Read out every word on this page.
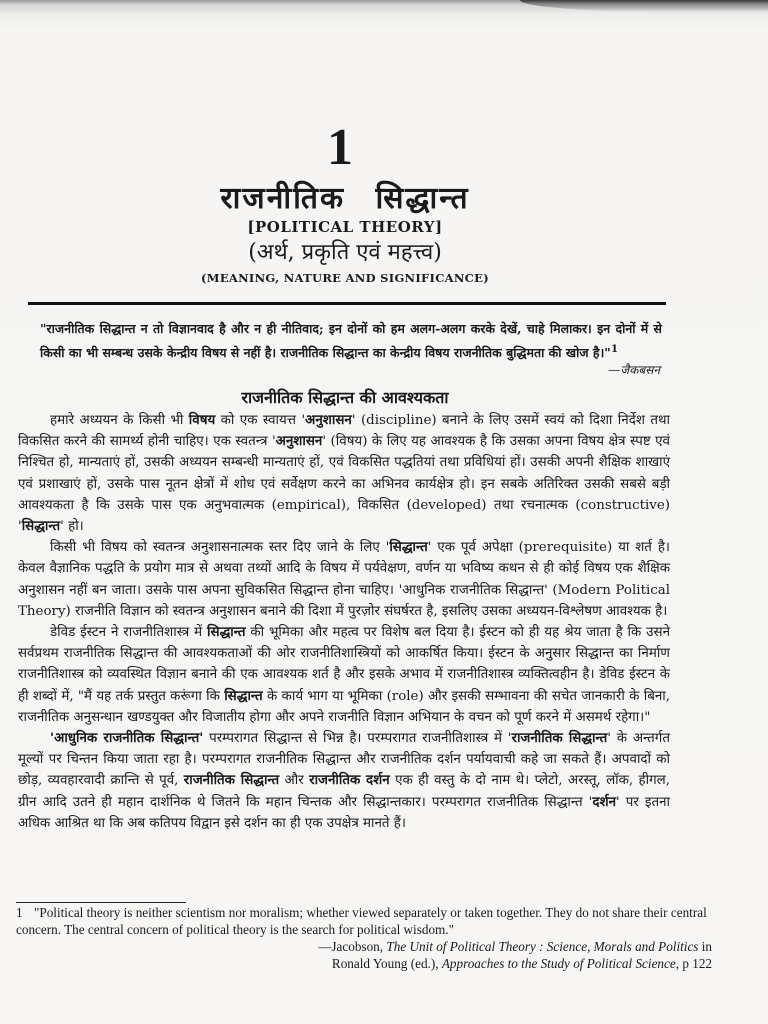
1
राजनीतिक सिद्धान्त
[POLITICAL THEORY]
(अर्थ, प्रकृति एवं महत्त्व)
(MEANING, NATURE AND SIGNIFICANCE)
"राजनीतिक सिद्धान्त न तो विज्ञानवाद है और न ही नीतिवाद; इन दोनों को हम अलग-अलग करके देखें, चाहे मिलाकर। इन दोनों में से किसी का भी सम्बन्ध उसके केन्द्रीय विषय से नहीं है। राजनीतिक सिद्धान्त का केन्द्रीय विषय राजनीतिक बुद्धिमता की खोज है।"$^1$
—जैकबसन
राजनीतिक सिद्धान्त की आवश्यकता

हमारे अध्ययन के किसी भी विषय को एक स्वायत्त 'अनुशासन' (discipline) बनाने के लिए उसमें स्वयं को दिशा निर्देश तथा विकसित करने की सामर्थ्य होनी चाहिए। एक स्वतन्त्र 'अनुशासन' (विषय) के लिए यह आवश्यक है कि उसका अपना विषय क्षेत्र स्पष्ट एवं निश्चित हो, मान्यताएं हों, उसकी अध्ययन सम्बन्धी मान्यताएं हों, एवं विकसित पद्धतियां तथा प्रविधियां हों। उसकी अपनी शैक्षिक शाखाएं एवं प्रशाखाएं हों, उसके पास नूतन क्षेत्रों में शोध एवं सर्वेक्षण करने का अभिनव कार्यक्षेत्र हो। इन सबके अतिरिक्त उसकी सबसे बड़ी आवश्यकता है कि उसके पास एक अनुभवात्मक (empirical), विकसित (developed) तथा रचनात्मक (constructive) 'सिद्धान्त' हो।

किसी भी विषय को स्वतन्त्र अनुशासनात्मक स्तर दिए जाने के लिए 'सिद्धान्त' एक पूर्व अपेक्षा (prerequisite) या शर्त है। केवल वैज्ञानिक पद्धति के प्रयोग मात्र से अथवा तथ्यों आदि के विषय में पर्यवेक्षण, वर्णन या भविष्य कथन से ही कोई विषय एक शैक्षिक अनुशासन नहीं बन जाता। उसके पास अपना सुविकसित सिद्धान्त होना चाहिए। 'आधुनिक राजनीतिक सिद्धान्त' (Modern Political Theory) राजनीति विज्ञान को स्वतन्त्र अनुशासन बनाने की दिशा में पुरज़ोर संघर्षरत है, इसलिए उसका अध्ययन-विश्लेषण आवश्यक है।

डेविड ईस्टन ने राजनीतिशास्त्र में सिद्धान्त की भूमिका और महत्व पर विशेष बल दिया है। ईस्टन को ही यह श्रेय जाता है कि उसने सर्वप्रथम राजनीतिक सिद्धान्त की आवश्यकताओं की ओर राजनीतिशास्त्रियों को आकर्षित किया। ईस्टन के अनुसार सिद्धान्त का निर्माण राजनीतिशास्त्र को व्यवस्थित विज्ञान बनाने की एक आवश्यक शर्त है और इसके अभाव में राजनीतिशास्त्र व्यक्तित्वहीन है। डेविड ईस्टन के ही शब्दों में, "मैं यह तर्क प्रस्तुत करूंगा कि सिद्धान्त के कार्य भाग या भूमिका (role) और इसकी सम्भावना की सचेत जानकारी के बिना, राजनीतिक अनुसन्धान खण्डयुक्त और विजातीय होगा और अपने राजनीति विज्ञान अभियान के वचन को पूर्ण करने में असमर्थ रहेगा।"

'आधुनिक राजनीतिक सिद्धान्त' परम्परागत सिद्धान्त से भिन्न है। परम्परागत राजनीतिशास्त्र में 'राजनीतिक सिद्धान्त' के अन्तर्गत मूल्यों पर चिन्तन किया जाता रहा है। परम्परागत राजनीतिक सिद्धान्त और राजनीतिक दर्शन पर्यायवाची कहे जा सकते हैं। अपवादों को छोड़, व्यवहारवादी क्रान्ति से पूर्व, राजनीतिक सिद्धान्त और राजनीतिक दर्शन एक ही वस्तु के दो नाम थे। प्लेटो, अरस्तू, लॉक, हीगल, ग्रीन आदि उतने ही महान दार्शनिक थे जितने कि महान चिन्तक और सिद्धान्तकार। परम्परागत राजनीतिक सिद्धान्त 'दर्शन' पर इतना अधिक आश्रित था कि अब कतिपय विद्वान इसे दर्शन का ही एक उपक्षेत्र मानते हैं।

1 "Political theory is neither scientism nor moralism; whether viewed separately or taken together. They do not share their central concern. The central concern of political theory is the search for political wisdom."
—Jacobson, The Unit of Political Theory : Science, Morals and Politics in
Ronald Young (ed.), Approaches to the Study of Political Science, p 122
